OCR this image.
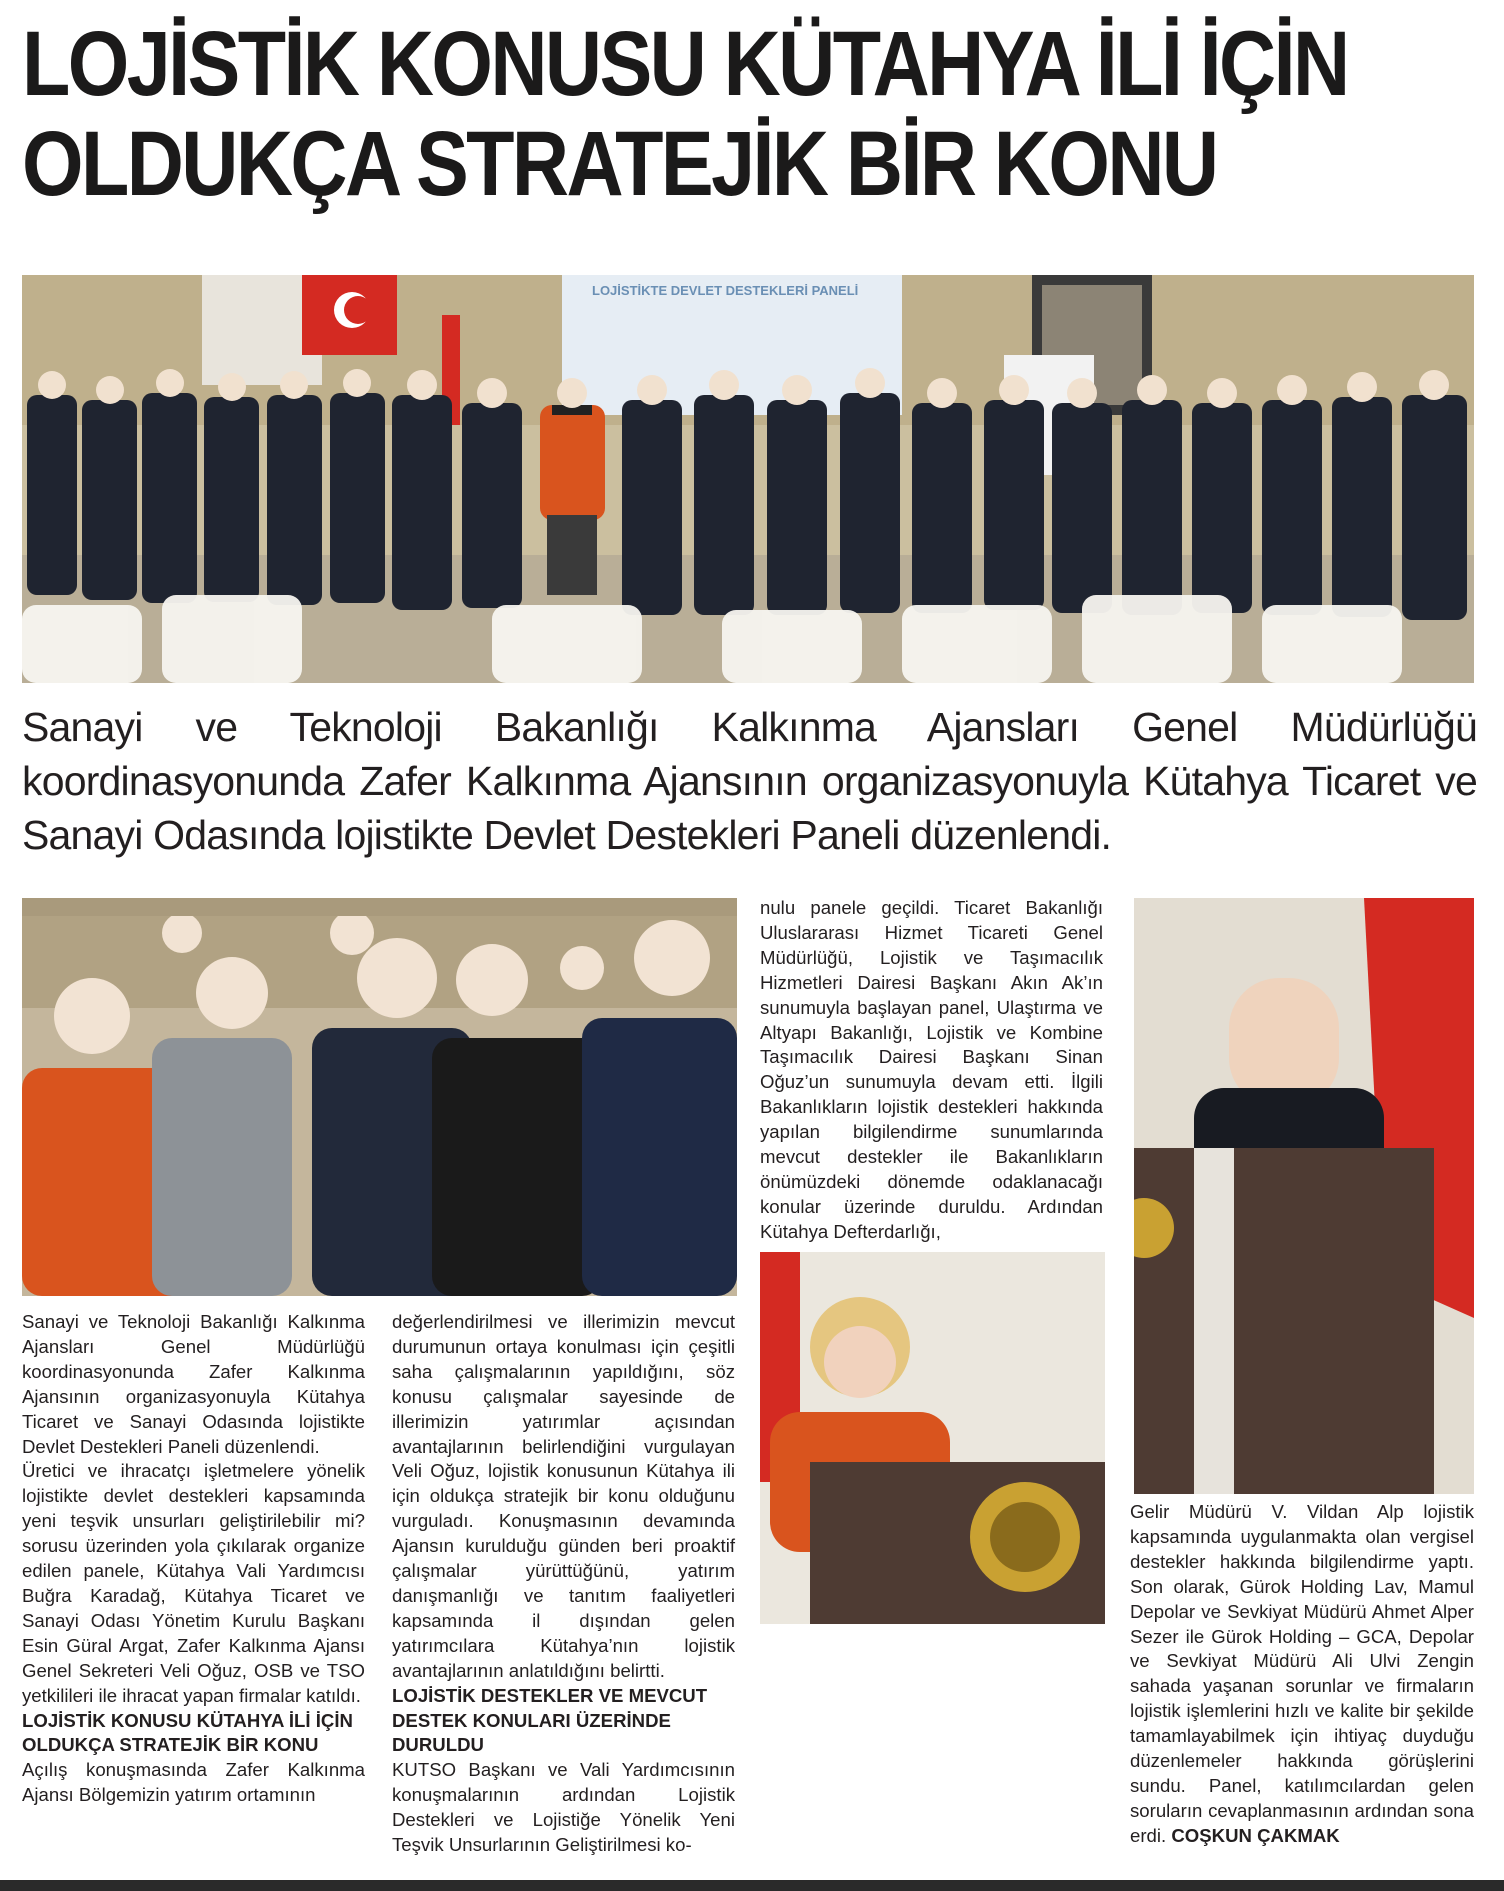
LOJİSTİK KONUSU KÜTAHYA İLİ İÇİN
OLDUKÇA STRATEJİK BİR KONU
LOJİSTİKTE DEVLET DESTEKLERİ PANELİ

Sanayi ve Teknoloji Bakanlığı Kalkınma Ajansları Genel Müdürlüğü koordinasyonunda Zafer Kalkınma Ajansının organizasyonuyla Kütahya Ticaret ve Sanayi Odasında lojistikte Devlet Destekleri Paneli düzenlendi.

Sanayi ve Teknoloji Bakanlığı Kalkınma Ajansları Genel Müdürlüğü koordinasyonunda Zafer Kalkınma Ajansının organizasyonuyla Kütahya Ticaret ve Sanayi Odasında lojistikte Devlet Destekleri Paneli düzenlendi.

Üretici ve ihracatçı işletmelere yönelik lojistikte devlet destekleri kapsamında yeni teşvik unsurları geliştirilebilir mi? sorusu üzerinden yola çıkılarak organize edilen panele, Kütahya Vali Yardımcısı Buğra Karadağ, Kütahya Ticaret ve Sanayi Odası Yönetim Kurulu Başkanı Esin Güral Argat, Zafer Kalkınma Ajansı Genel Sekreteri Veli Oğuz, OSB ve TSO yetkilileri ile ihracat yapan firmalar katıldı.

LOJİSTİK KONUSU KÜTAHYA İLİ İÇİN OLDUKÇA STRATEJİK BİR KONU

Açılış konuşmasında Zafer Kalkınma Ajansı Bölgemizin yatırım ortamının

değerlendirilmesi ve illerimizin mevcut durumunun ortaya konulması için çeşitli saha çalışmalarının yapıldığını, söz konusu çalışmalar sayesinde de illerimizin yatırımlar açısından avantajlarının belirlendiğini vurgulayan Veli Oğuz, lojistik konusunun Kütahya ili için oldukça stratejik bir konu olduğunu vurguladı. Konuşmasının devamında Ajansın kurulduğu günden beri proaktif çalışmalar yürüttüğünü, yatırım danışmanlığı ve tanıtım faaliyetleri kapsamında il dışından gelen yatırımcılara Kütahya’nın lojistik avantajlarının anlatıldığını belirtti.

LOJİSTİK DESTEKLER VE MEVCUT DESTEK KONULARI ÜZERİNDE DURULDU

KUTSO Başkanı ve Vali Yardımcısının konuşmalarının ardından Lojistik Destekleri ve Lojistiğe Yönelik Yeni Teşvik Unsurlarının Geliştirilmesi ko-

nulu panele geçildi. Ticaret Bakanlığı Uluslararası Hizmet Ticareti Genel Müdürlüğü, Lojistik ve Taşımacılık Hizmetleri Dairesi Başkanı Akın Ak’ın sunumuyla başlayan panel, Ulaştırma ve Altyapı Bakanlığı, Lojistik ve Kombine Taşımacılık Dairesi Başkanı Sinan Oğuz’un sunumuyla devam etti. İlgili Bakanlıkların lojistik destekleri hakkında yapılan bilgilendirme sunumlarında mevcut destekler ile Bakanlıkların önümüzdeki dönemde odaklanacağı konular üzerinde duruldu. Ardından Kütahya Defterdarlığı,

Gelir Müdürü V. Vildan Alp lojistik kapsamında uygulanmakta olan vergisel destekler hakkında bilgilendirme yaptı. Son olarak, Gürok Holding Lav, Mamul Depolar ve Sevkiyat Müdürü Ahmet Alper Sezer ile Gürok Holding – GCA, Depolar ve Sevkiyat Müdürü Ali Ulvi Zengin sahada yaşanan sorunlar ve firmaların lojistik işlemlerini hızlı ve kalite bir şekilde tamamlayabilmek için ihtiyaç duyduğu düzenlemeler hakkında görüşlerini sundu. Panel, katılımcılardan gelen soruların cevaplanmasının ardından sona erdi. COŞKUN ÇAKMAK
